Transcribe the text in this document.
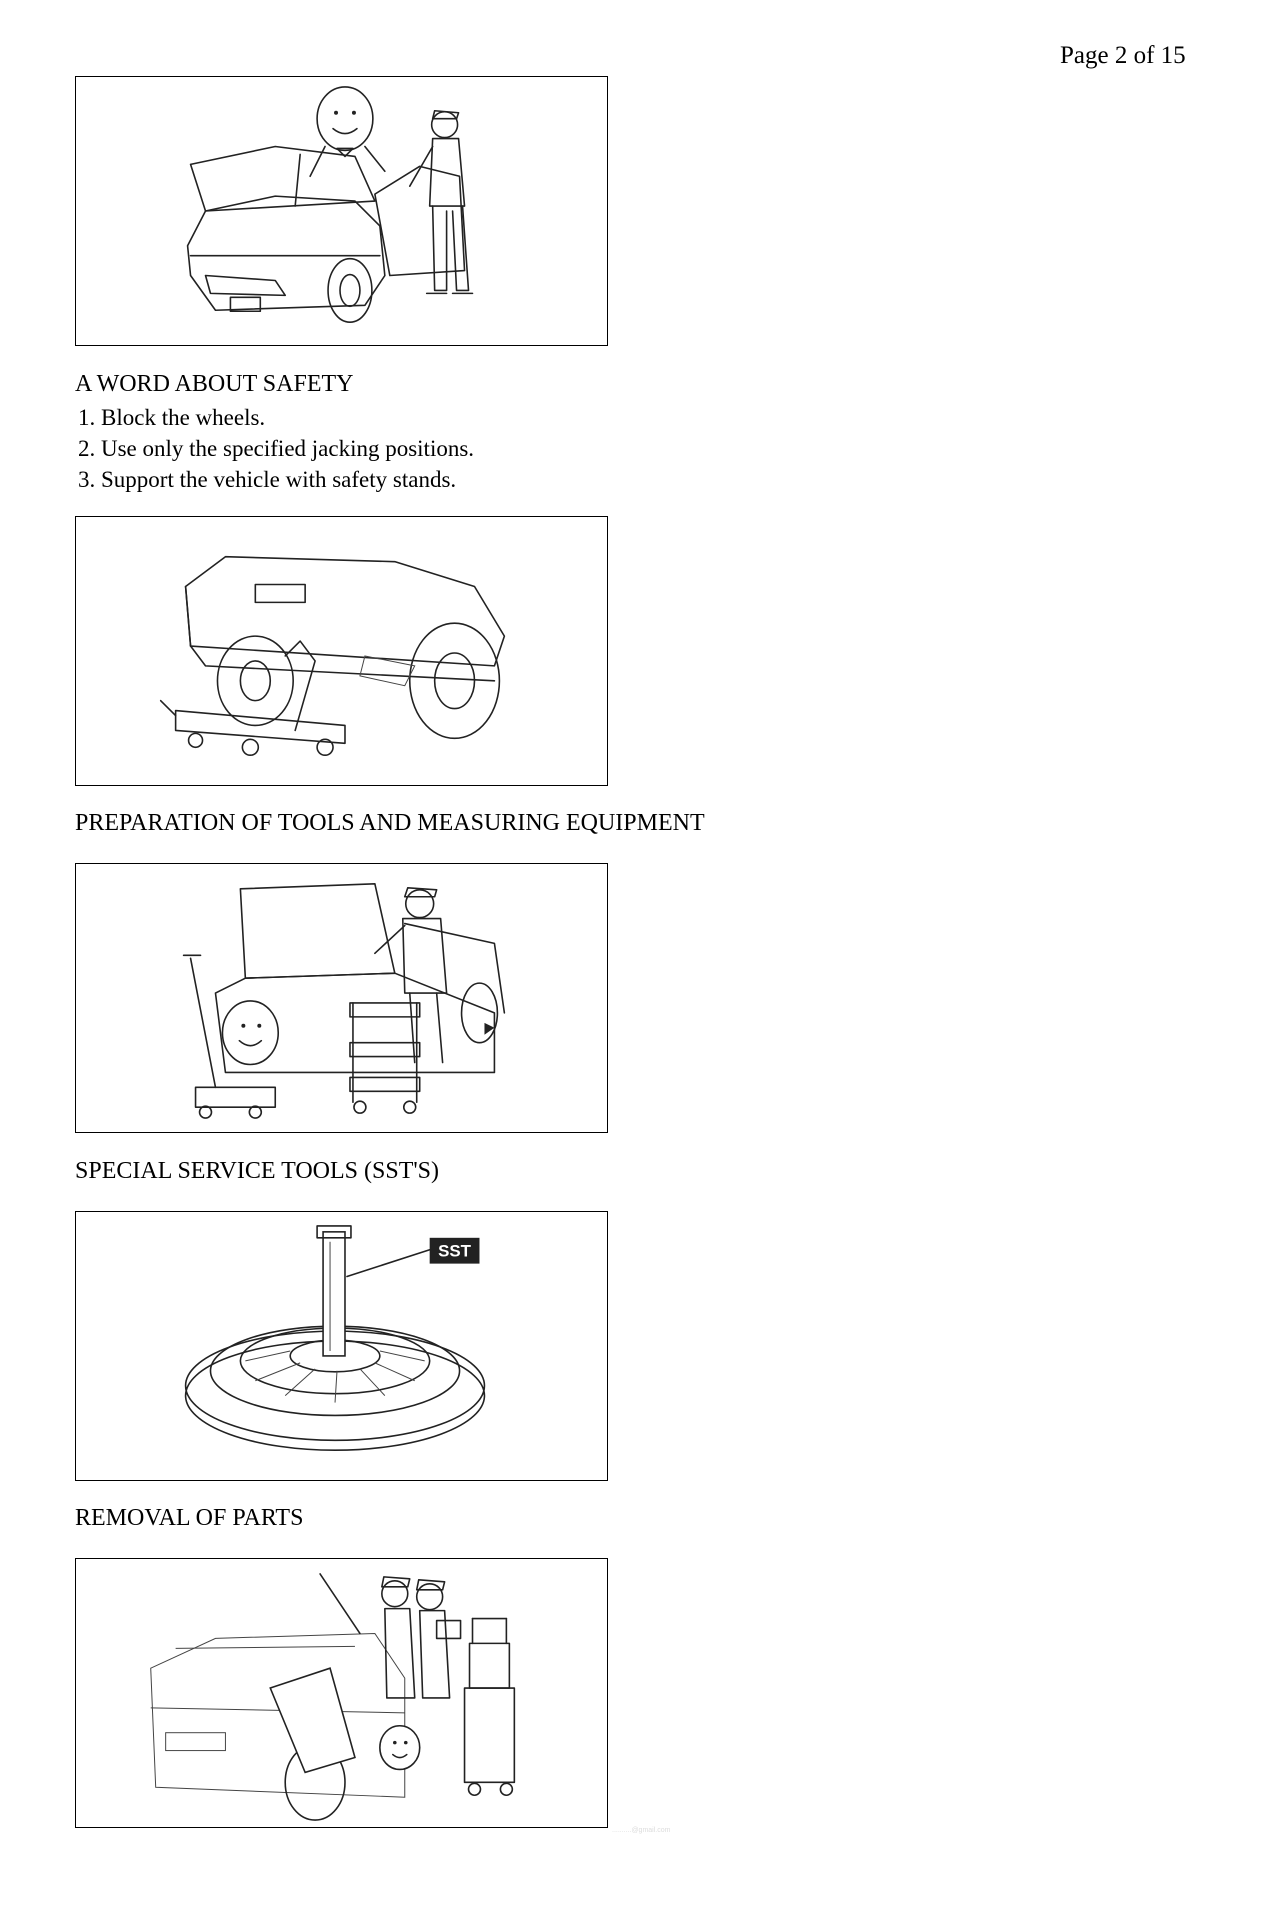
Page 2 of 15
A WORD ABOUT SAFETY
1. Block the wheels.
2. Use only the specified jacking positions.
3. Support the vehicle with safety stands.
PREPARATION OF TOOLS AND MEASURING EQUIPMENT
SPECIAL SERVICE TOOLS (SST'S)
SST
REMOVAL OF PARTS
..........@gmail.com
